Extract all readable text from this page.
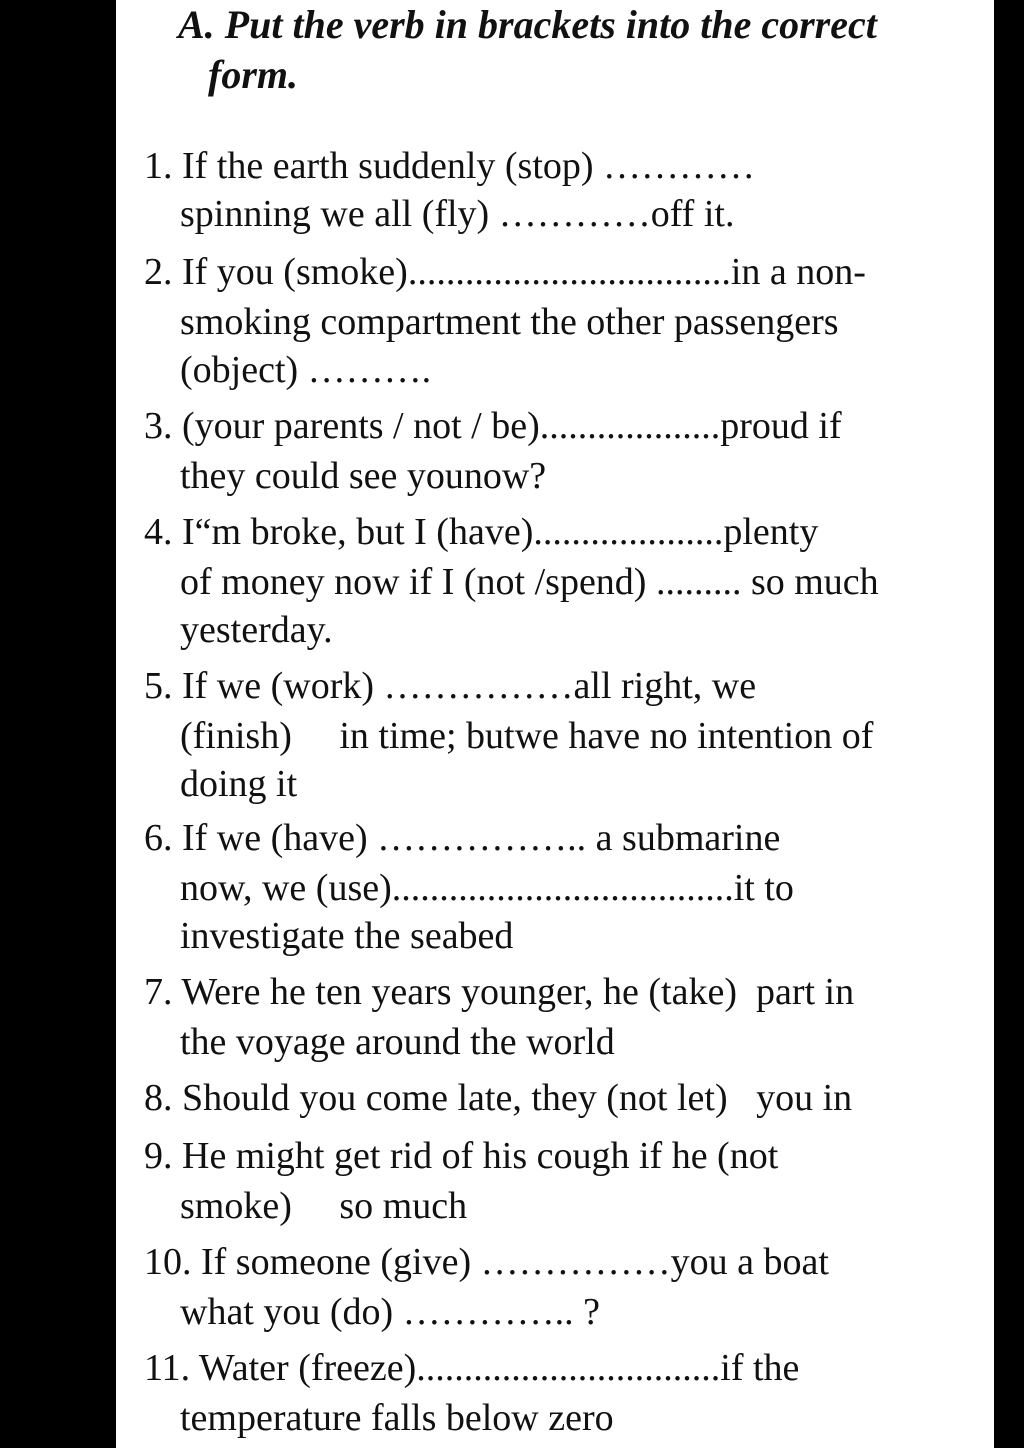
A. Put the verb in brackets into the correct
form.
1. If the earth suddenly (stop) …………
spinning we all (fly) …………off it.
2. If you (smoke)..................................in a non-
smoking compartment the other passengers
(object) ……….
3. (your parents / not / be)...................proud if
they could see younow?
4. I“m broke, but I (have)....................plenty
of money now if I (not /spend) ......... so much
yesterday.
5. If we (work) ……………all right, we
(finish)     in time; butwe have no intention of
doing it
6. If we (have) …………….. a submarine
now, we (use)....................................it to
investigate the seabed
7. Were he ten years younger, he (take)  part in
the voyage around the world
8. Should you come late, they (not let)   you in
9. He might get rid of his cough if he (not
smoke)     so much
10. If someone (give) ……………you a boat
what you (do) ………….. ?
11. Water (freeze)................................if the
temperature falls below zero
